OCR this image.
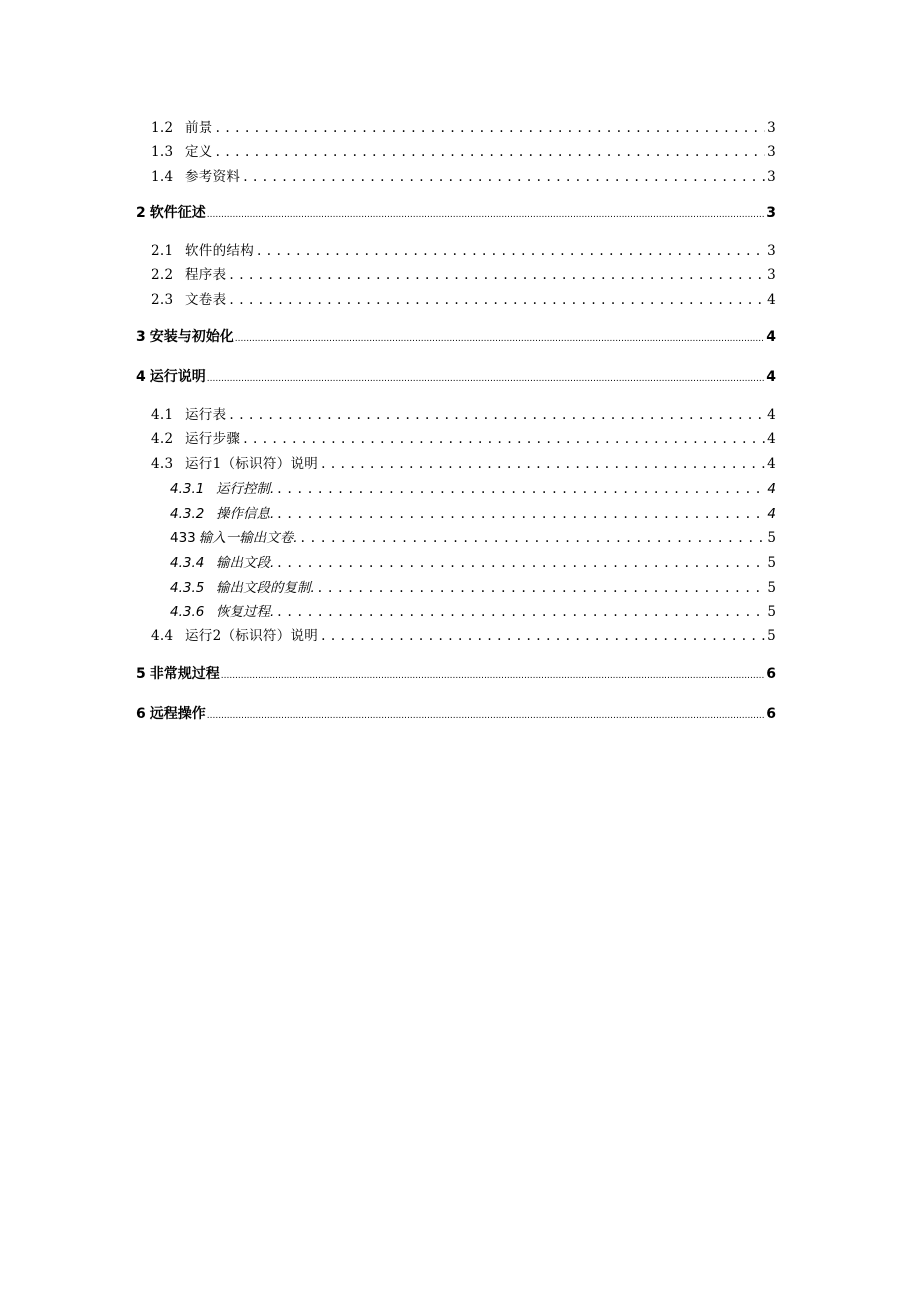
1.2 前景 . . .	3
1.3 定义 . . .	3
1.4 参考资料 . . .	3
2 软件征述 .....	3
2.1 软件的结构 . . .	3
2.2 程序表 . . .	3
2.3 文卷表 . . .	4
3 安装与初始化 .....	4
4 运行说明 .....	4
4.1 运行表 . . .	4
4.2 运行步骤 . . .	4
4.3 运行1（标识符）说明 . . .	4
4.3.1 运行控制. . . .	4
4.3.2 操作信息. . . .	4
433 输入一输出文卷. . . .	5
4.3.4 输出文段. . . .	5
4.3.5 输出文段的复制. . . .	5
4.3.6 恢复过程. . . .	5
4.4 运行2（标识符）说明 . . .	5
5 非常规过程 .....	6
6 远程操作 .....	6
